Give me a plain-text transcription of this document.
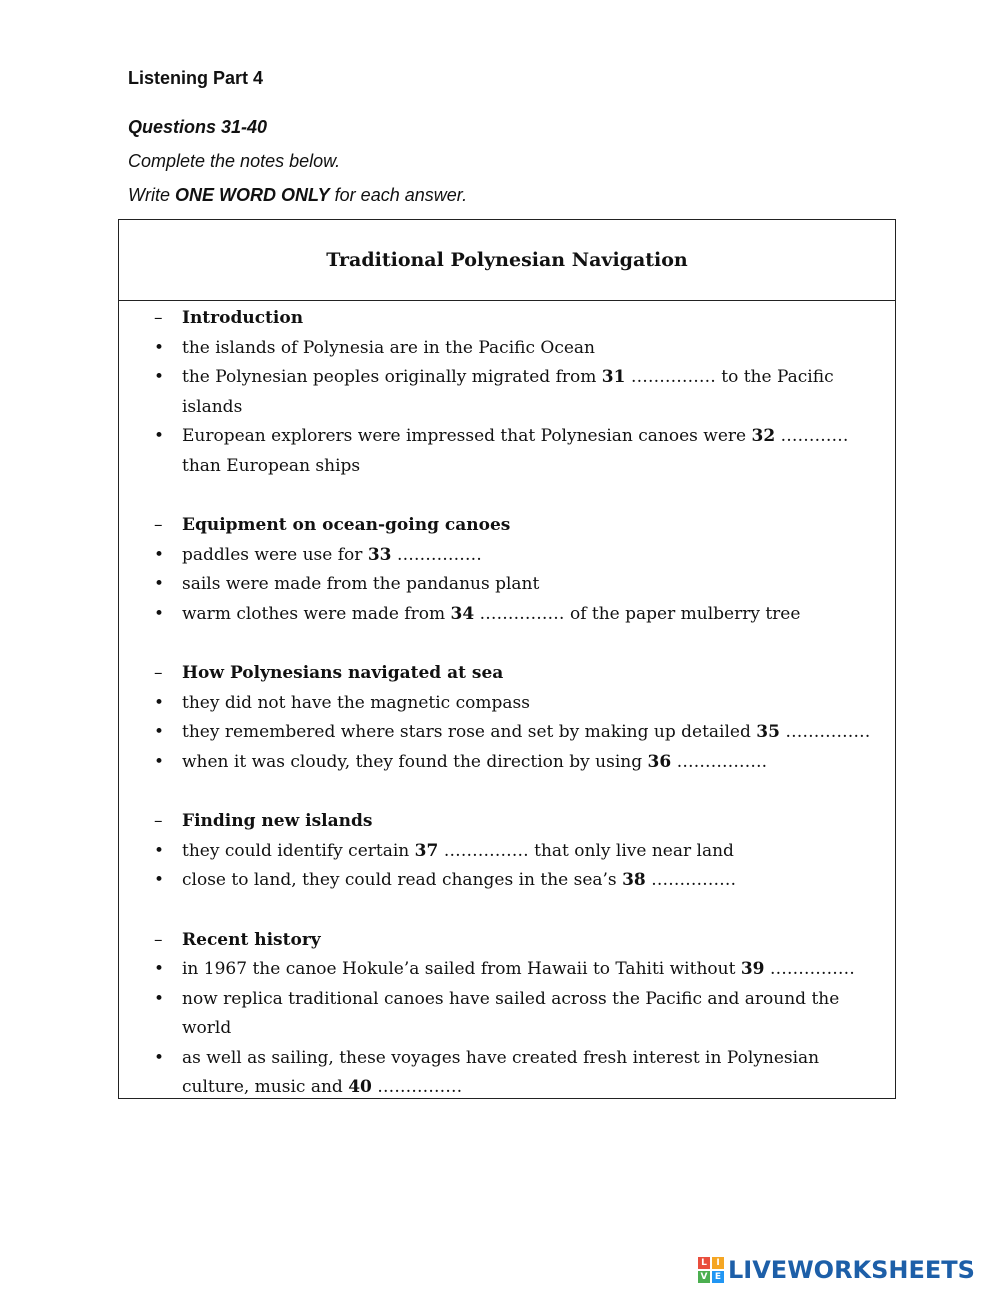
Listening Part 4
Questions 31-40
Complete the notes below.
Write ONE WORD ONLY for each answer.
Traditional Polynesian Navigation
– Introduction
• the islands of Polynesia are in the Pacific Ocean
• the Polynesian peoples originally migrated from 31 …………… to the Pacific islands
• European explorers were impressed that Polynesian canoes were 32 ………… than European ships
– Equipment on ocean-going canoes
• paddles were use for 33 ……………
• sails were made from the pandanus plant
• warm clothes were made from 34 …………… of the paper mulberry tree
– How Polynesians navigated at sea
• they did not have the magnetic compass
• they remembered where stars rose and set by making up detailed 35 ……………
• when it was cloudy, they found the direction by using 36 …………….
– Finding new islands
• they could identify certain 37 …………… that only live near land
• close to land, they could read changes in the sea’s 38 ……………
– Recent history
• in 1967 the canoe Hokule’a sailed from Hawaii to Tahiti without 39 ……………
• now replica traditional canoes have sailed across the Pacific and around the world
• as well as sailing, these voyages have created fresh interest in Polynesian culture, music and 40 ……………
L	I
V E LIVEWORKSHEETS
